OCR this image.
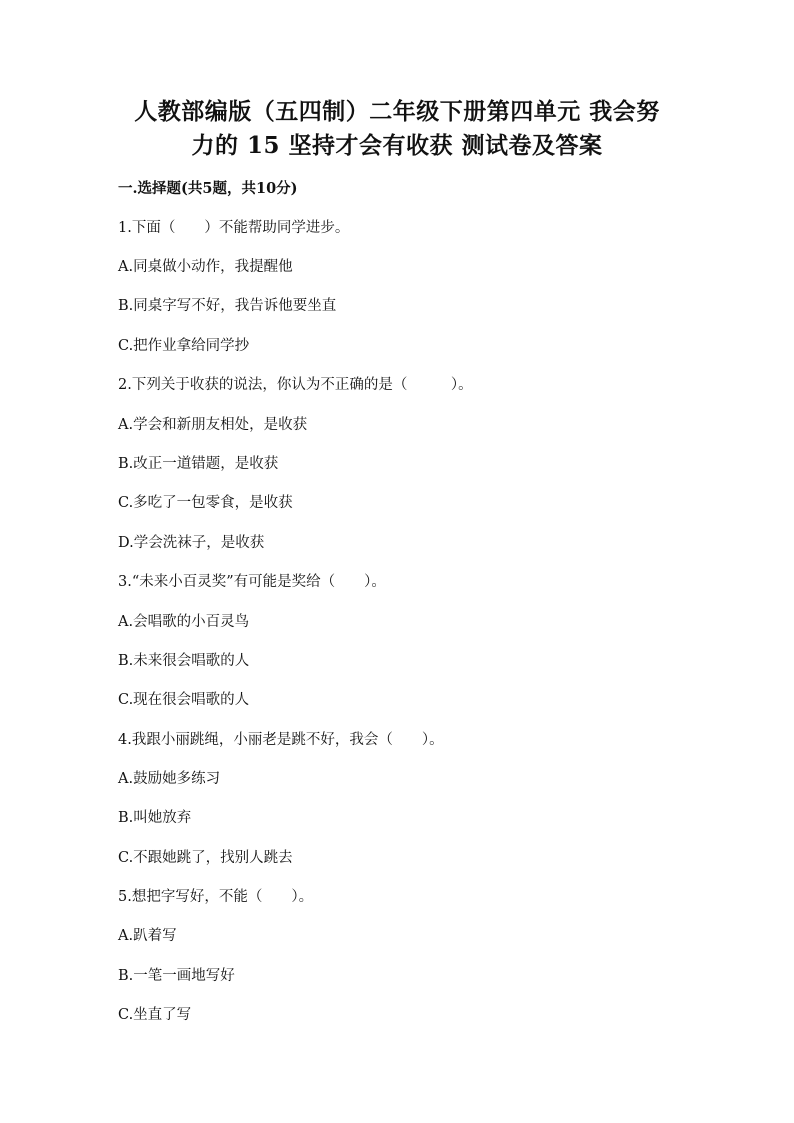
人教部编版（五四制）二年级下册第四单元 我会努
力的 15 坚持才会有收获 测试卷及答案

一.选择题(共5题，共10分)

1.下面（　　）不能帮助同学进步。

A.同桌做小动作，我提醒他

B.同桌字写不好，我告诉他要坐直

C.把作业拿给同学抄

2.下列关于收获的说法，你认为不正确的是（　　　）。

A.学会和新朋友相处，是收获

B.改正一道错题，是收获

C.多吃了一包零食，是收获

D.学会洗袜子，是收获

3.“未来小百灵奖”有可能是奖给（　　）。

A.会唱歌的小百灵鸟

B.未来很会唱歌的人

C.现在很会唱歌的人

4.我跟小丽跳绳，小丽老是跳不好，我会（　　）。

A.鼓励她多练习

B.叫她放弃

C.不跟她跳了，找别人跳去

5.想把字写好，不能（　　）。

A.趴着写

B.一笔一画地写好

C.坐直了写
